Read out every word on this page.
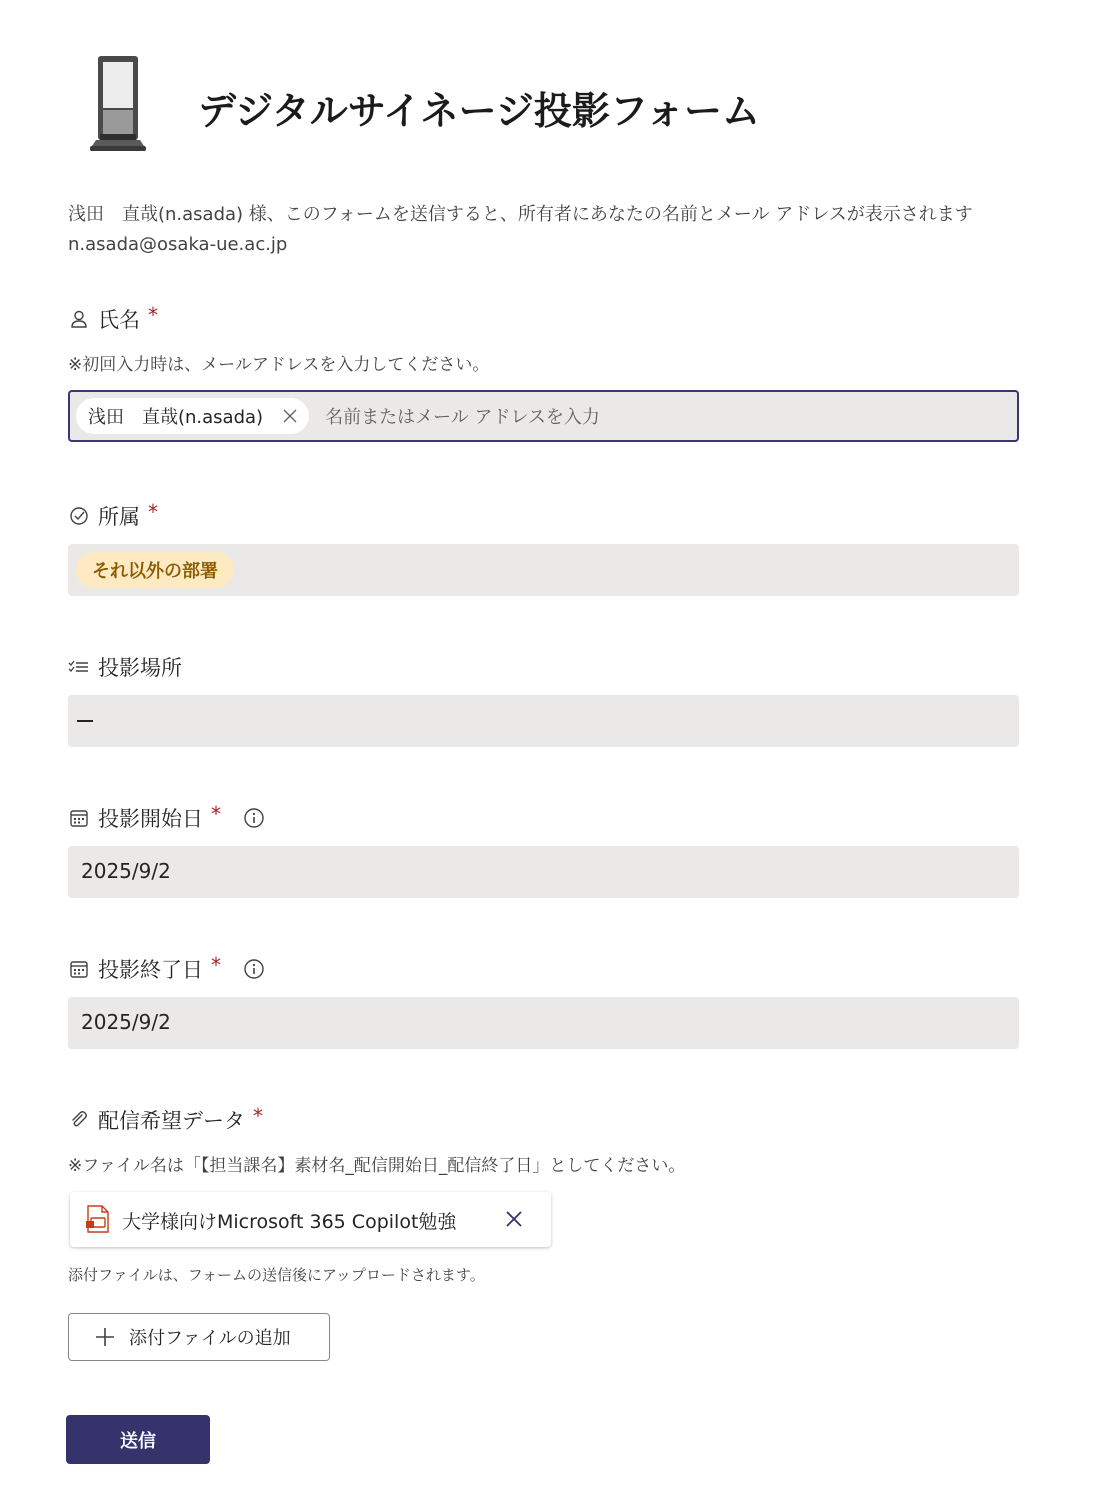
デジタルサイネージ投影フォーム
浅田　直哉(n.asada) 様、このフォームを送信すると、所有者にあなたの名前とメール アドレスが表示されます n.asada@osaka-ue.ac.jp
氏名 *
※初回入力時は、メールアドレスを入力してください。
浅田　直哉(n.asada)	名前またはメール アドレスを入力
所属 *
それ以外の部署
投影場所
投影開始日 *
2025/9/2
投影終了日 *
2025/9/2
配信希望データ *
※ファイル名は「【担当課名】素材名_配信開始日_配信終了日」としてください。
大学様向けMicrosoft 365 Copilot勉強
添付ファイルは、フォームの送信後にアップロードされます。
添付ファイルの追加
送信
